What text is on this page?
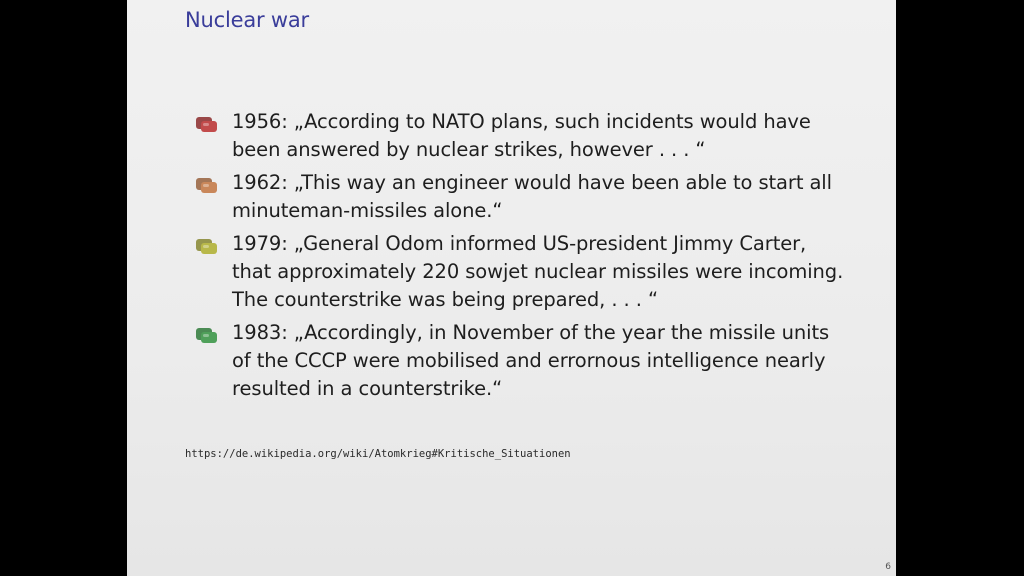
Nuclear war
1956: „According to NATO plans, such incidents would have
been answered by nuclear strikes, however . . . “
1962: „This way an engineer would have been able to start all
minuteman-missiles alone.“
1979: „General Odom informed US-president Jimmy Carter,
that approximately 220 sowjet nuclear missiles were incoming.
The counterstrike was being prepared, . . . “
1983: „Accordingly, in November of the year the missile units
of the CCCP were mobilised and errornous intelligence nearly
resulted in a counterstrike.“
https://de.wikipedia.org/wiki/Atomkrieg#Kritische_Situationen
6
